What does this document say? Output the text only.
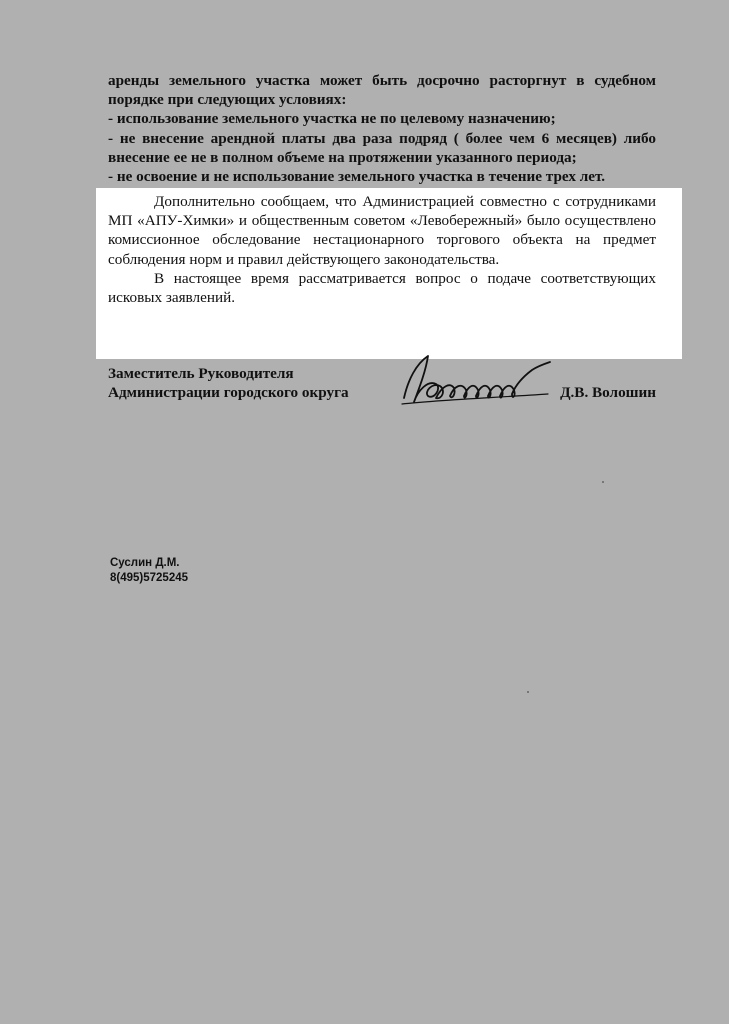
аренды земельного участка может быть досрочно расторгнут в судебном порядке при следующих условиях:

- использование земельного участка не по целевому назначению;

- не внесение арендной платы два раза подряд ( более чем 6 месяцев) либо внесение ее не в полном объеме на протяжении указанного периода;

- не освоение и не использование земельного участка в течение трех лет.

Дополнительно сообщаем, что Администрацией совместно с сотрудниками МП «АПУ-Химки» и общественным советом «Левобережный» было осуществлено комиссионное обследование нестационарного торгового объекта на предмет соблюдения норм и правил действующего законодательства.

В настоящее время рассматривается вопрос о подаче соответствующих исковых заявлений.

Заместитель Руководителя
Администрации городского округа	Д.В. Волошин
Суслин Д.М.
8(495)5725245
